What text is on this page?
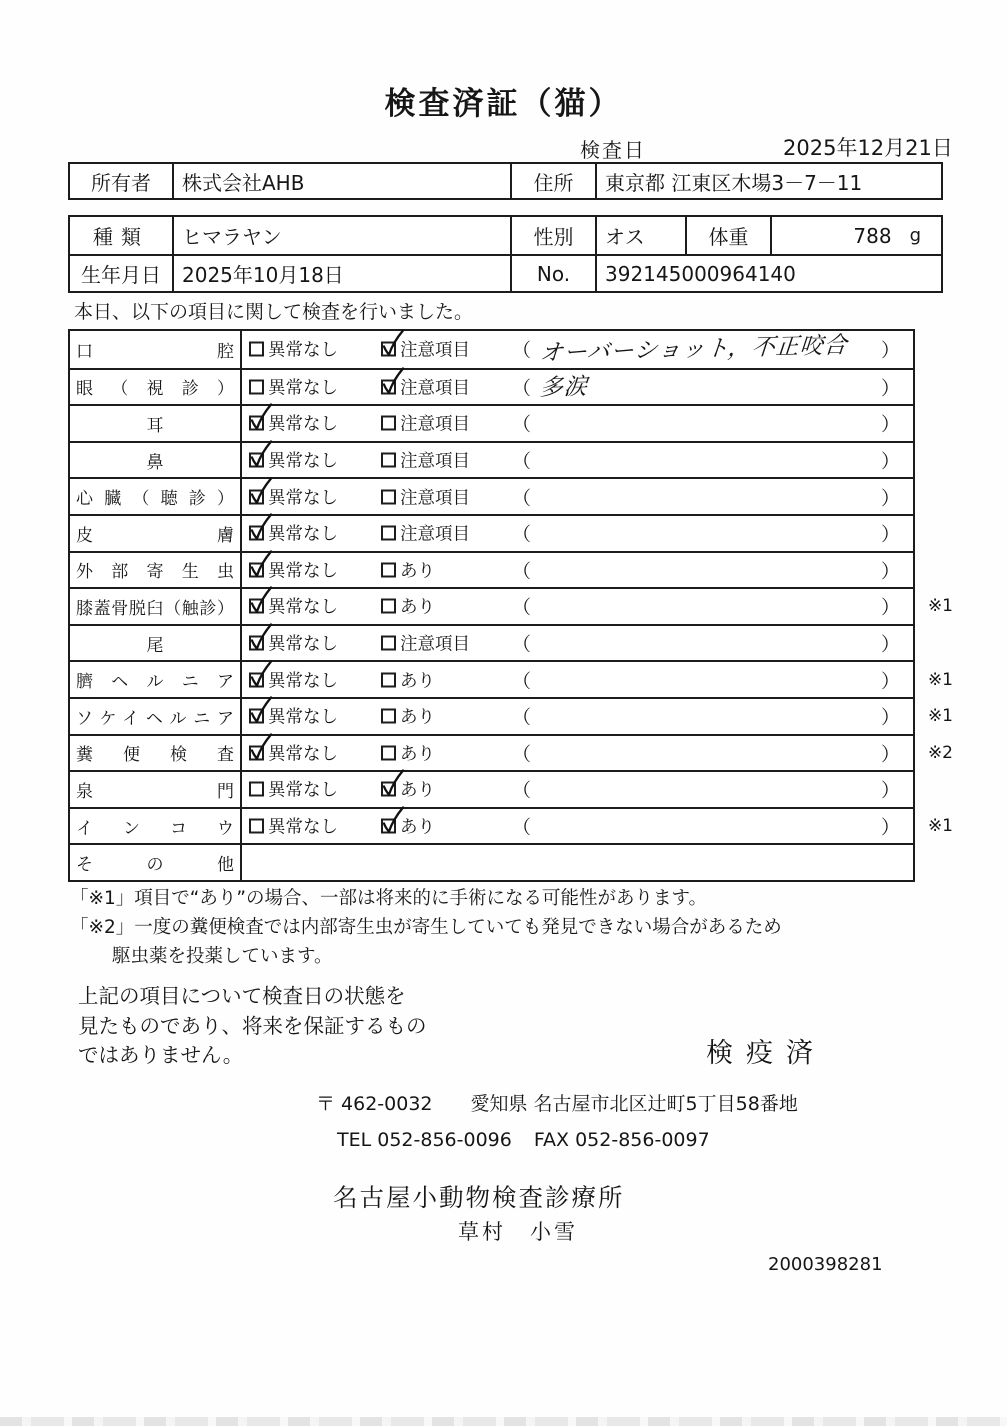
検査済証（猫）
検査日	2025年12月21日
所有者	株式会社AHB	住所	東京都 江東区木場3－7－11
種類	ヒマラヤン	性別	オス	体重	788	g
生年月日	2025年10月18日	No.	392145000964140
本日、以下の項目に関して検査を行いました。
口腔	異常なし	注意項目 （ オーバーショット，不正咬合 ）
眼（視診）	異常なし	注意項目 （ 多涙	）
耳	異常なし	注意項目 （	）
鼻	異常なし	注意項目 （	）
心臓（聴診）	異常なし	注意項目 （	）
皮膚	異常なし	注意項目 （	）
外部寄生虫	異常なし	あり	（	）
膝蓋骨脱臼（触診）	異常なし	あり	（	） ※1
尾	異常なし	注意項目 （	）
臍ヘルニア	異常なし	あり	（	） ※1
ソケイヘルニア	異常なし	あり	（	） ※1
糞便検査	異常なし	あり	（	） ※2
泉門	異常なし	あり	（	）
インコウ	異常なし	あり	（	） ※1
その他
「※1」項目で“あり”の場合、一部は将来的に手術になる可能性があります。
「※2」一度の糞便検査では内部寄生虫が寄生していても発見できない場合があるため
駆虫薬を投薬しています。
上記の項目について検査日の状態を
見たものであり、将来を保証するもの
ではありません。	検疫済
〒 462-0032 愛知県 名古屋市北区辻町5丁目58番地
TEL 052-856-0096 FAX 052-856-0097
名古屋小動物検査診療所
草村　小雪
2000398281
